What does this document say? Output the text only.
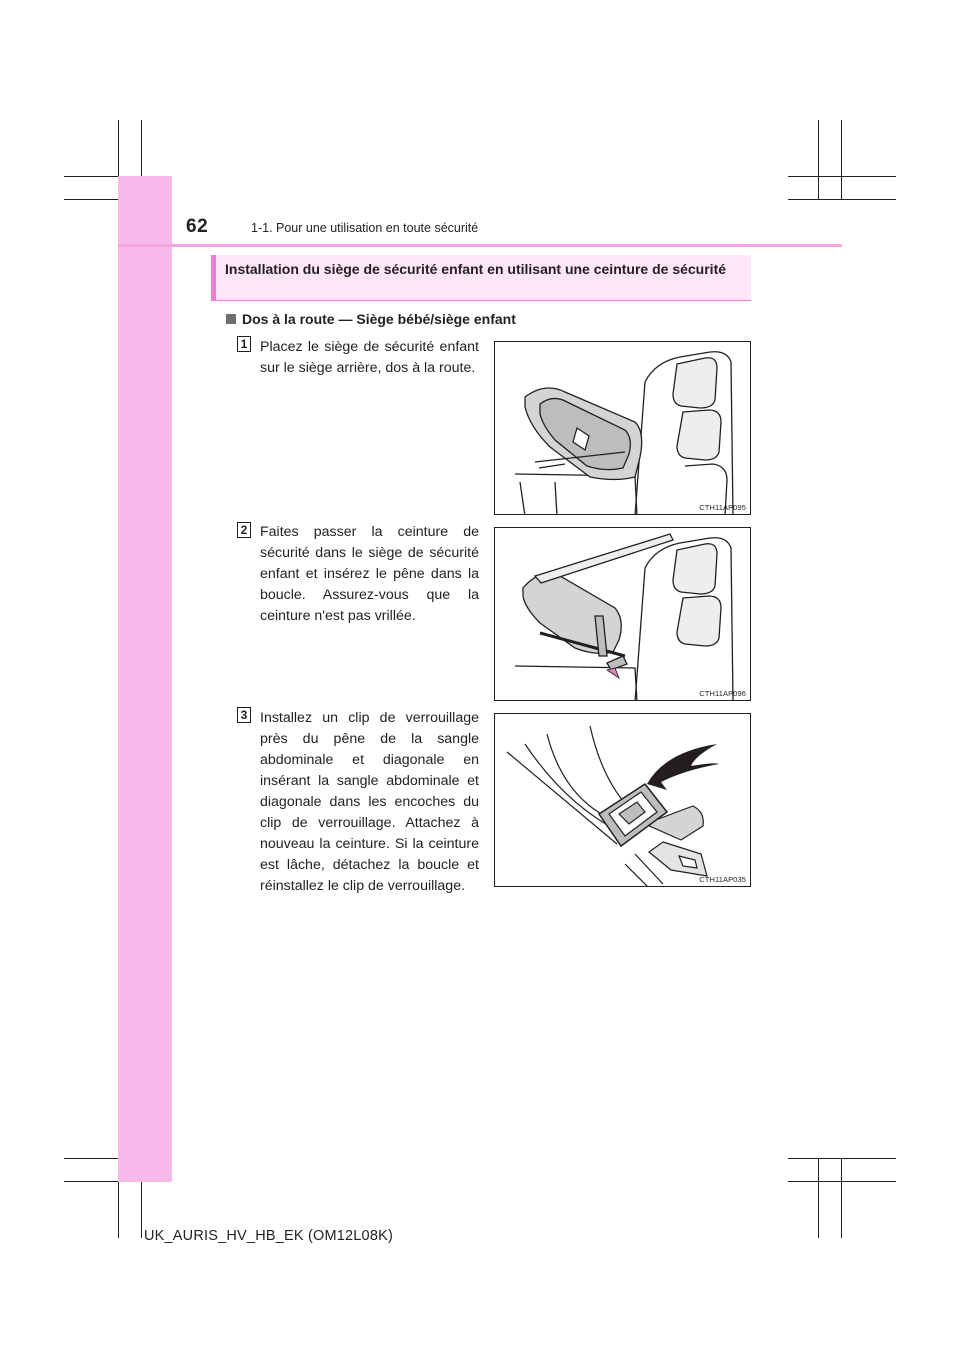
62	1-1. Pour une utilisation en toute sécurité
Installation du siège de sécurité enfant en utilisant une ceinture de sécurité
Dos à la route — Siège bébé/siège enfant
1 Placez le siège de sécurité enfant sur le siège arrière, dos à la route.
CTH11AP095
2 Faites passer la ceinture de sécurité dans le siège de sécurité enfant et insérez le pêne dans la boucle. Assurez-vous que la ceinture n'est pas vrillée.
CTH11AP096
3 Installez un clip de verrouillage près du pêne de la sangle abdominale et diagonale en insérant la sangle abdominale et diagonale dans les encoches du clip de verrouillage. Attachez à nouveau la ceinture. Si la ceinture est lâche, détachez la boucle et réinstallez le clip de verrouillage.	CTH11AP035
UK_AURIS_HV_HB_EK (OM12L08K)
